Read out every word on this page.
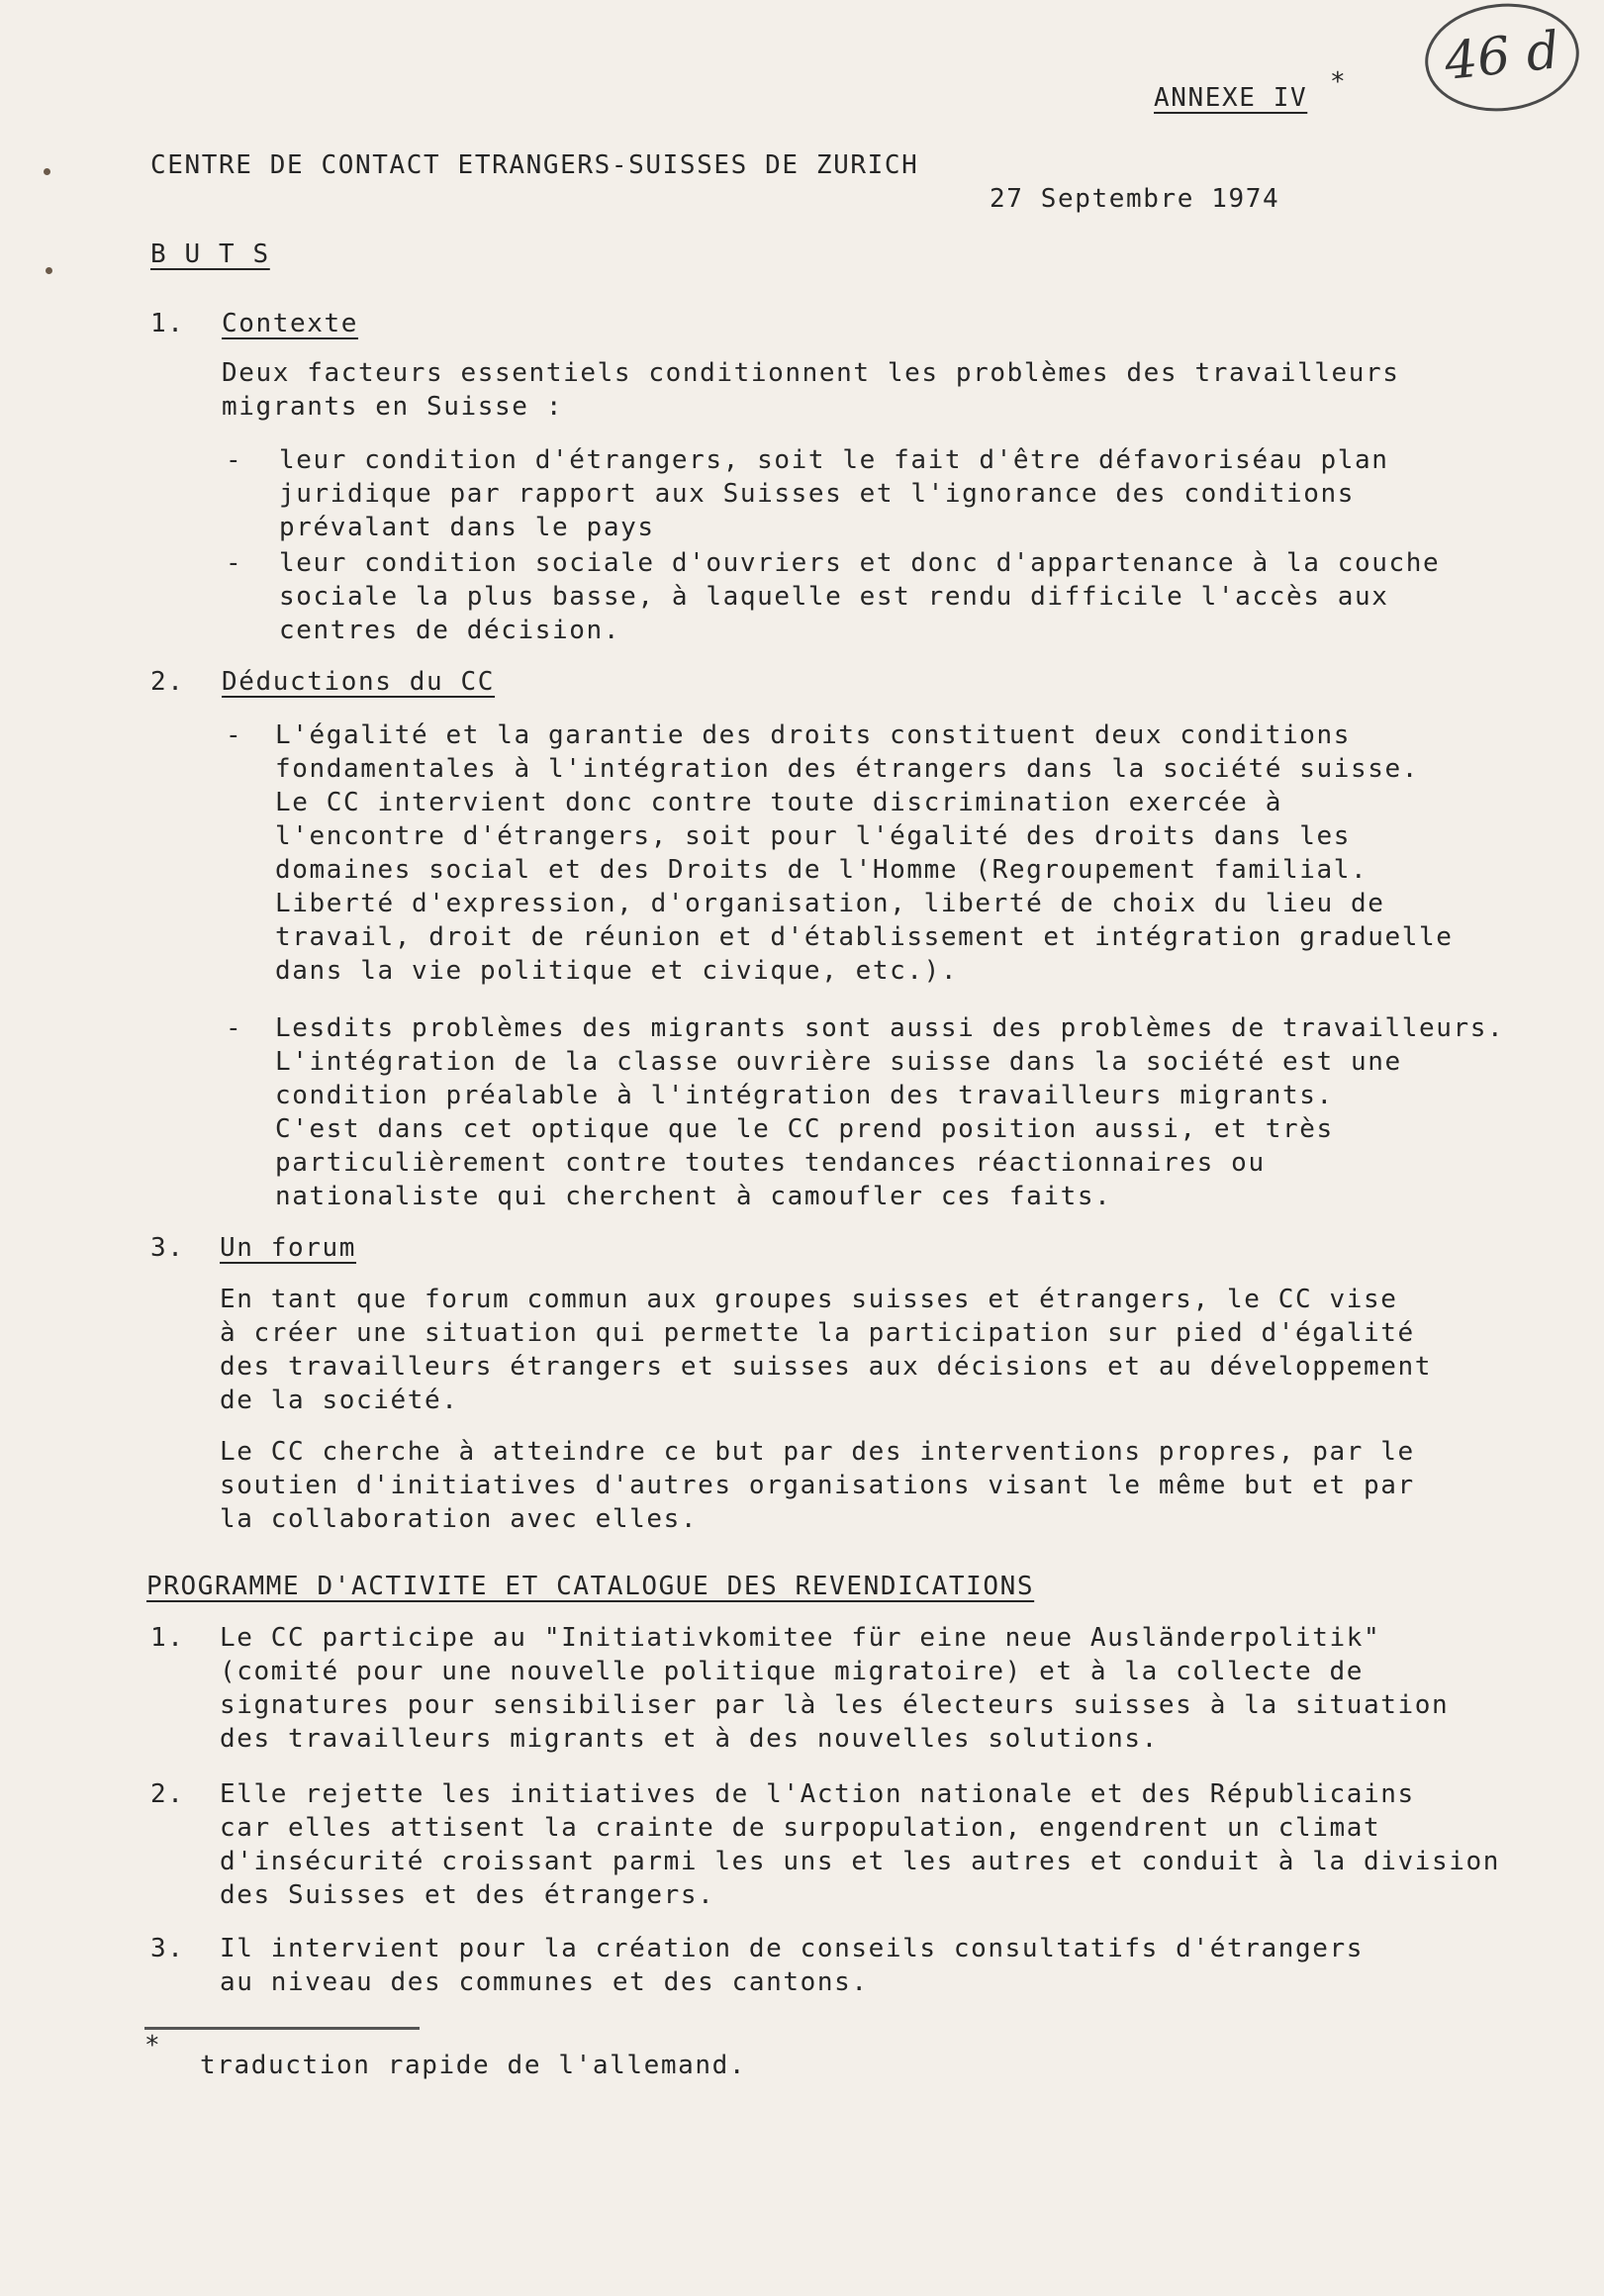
46 d
ANNEXE IV
*
CENTRE DE CONTACT ETRANGERS-SUISSES DE ZURICH
27 Septembre 1974
B U T S
1. Contexte
Deux facteurs essentiels conditionnent les problèmes des travailleurs
migrants en Suisse :
- leur condition d'étrangers, soit le fait d'être défavoriséau plan
juridique par rapport aux Suisses et l'ignorance des conditions
prévalant dans le pays
- leur condition sociale d'ouvriers et donc d'appartenance à la couche
sociale la plus basse, à laquelle est rendu difficile l'accès aux
centres de décision.
2. Déductions du CC
- L'égalité et la garantie des droits constituent deux conditions
fondamentales à l'intégration des étrangers dans la société suisse.
Le CC intervient donc contre toute discrimination exercée à
l'encontre d'étrangers, soit pour l'égalité des droits dans les
domaines social et des Droits de l'Homme (Regroupement familial.
Liberté d'expression, d'organisation, liberté de choix du lieu de
travail, droit de réunion et d'établissement et intégration graduelle
dans la vie politique et civique, etc.).
- Lesdits problèmes des migrants sont aussi des problèmes de travailleurs.
L'intégration de la classe ouvrière suisse dans la société est une
condition préalable à l'intégration des travailleurs migrants.
C'est dans cet optique que le CC prend position aussi, et très
particulièrement contre toutes tendances réactionnaires ou
nationaliste qui cherchent à camoufler ces faits.
3. Un forum
En tant que forum commun aux groupes suisses et étrangers, le CC vise
à créer une situation qui permette la participation sur pied d'égalité
des travailleurs étrangers et suisses aux décisions et au développement
de la société.
Le CC cherche à atteindre ce but par des interventions propres, par le
soutien d'initiatives d'autres organisations visant le même but et par
la collaboration avec elles.
PROGRAMME D'ACTIVITE ET CATALOGUE DES REVENDICATIONS
1. Le CC participe au "Initiativkomitee für eine neue Ausländerpolitik"
(comité pour une nouvelle politique migratoire) et à la collecte de
signatures pour sensibiliser par là les électeurs suisses à la situation
des travailleurs migrants et à des nouvelles solutions.
2. Elle rejette les initiatives de l'Action nationale et des Républicains
car elles attisent la crainte de surpopulation, engendrent un climat
d'insécurité croissant parmi les uns et les autres et conduit à la division
des Suisses et des étrangers.
3. Il intervient pour la création de conseils consultatifs d'étrangers
au niveau des communes et des cantons.
*
traduction rapide de l'allemand.
